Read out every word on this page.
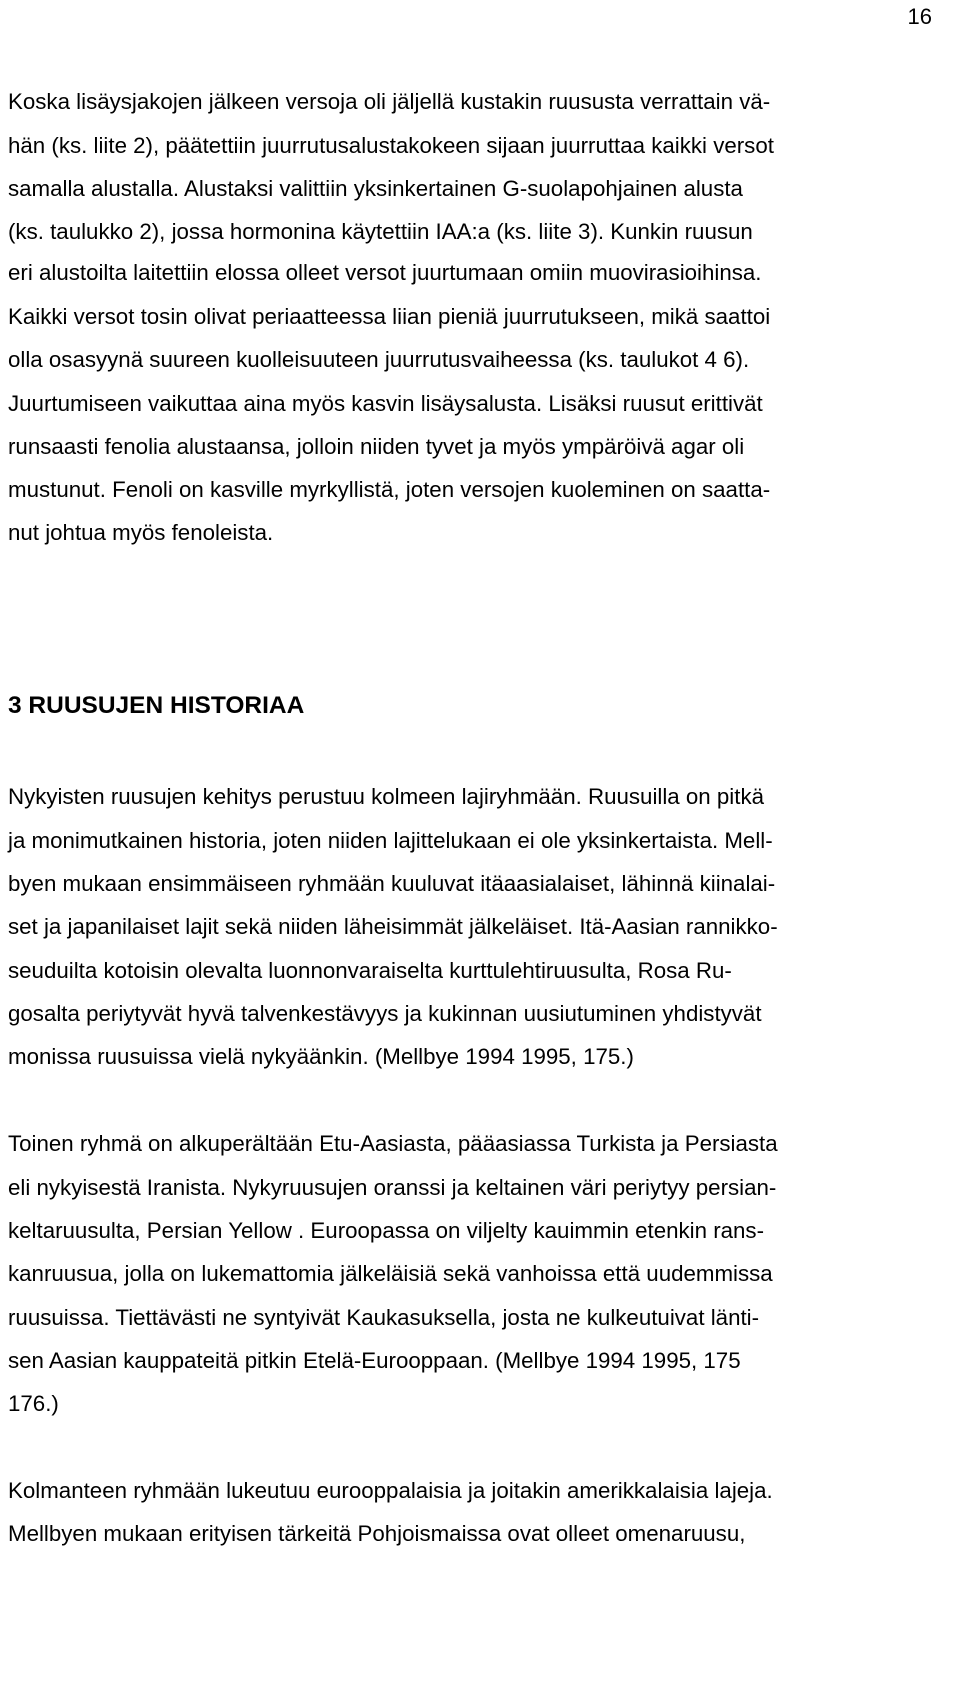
16
Koska lisäysjakojen jälkeen versoja oli jäljellä kustakin ruususta verrattain vä-
hän (ks. liite 2), päätettiin juurrutusalustakokeen sijaan juurruttaa kaikki versot
samalla alustalla. Alustaksi valittiin yksinkertainen G-suolapohjainen alusta
(ks. taulukko 2), jossa hormonina käytettiin IAA:a (ks. liite 3). Kunkin ruusun
eri alustoilta laitettiin elossa olleet versot juurtumaan omiin muovirasioihinsa.
Kaikki versot tosin olivat periaatteessa liian pieniä juurrutukseen, mikä saattoi
olla osasyynä suureen kuolleisuuteen juurrutusvaiheessa (ks. taulukot 4 6).
Juurtumiseen vaikuttaa aina myös kasvin lisäysalusta. Lisäksi ruusut erittivät
runsaasti fenolia alustaansa, jolloin niiden tyvet ja myös ympäröivä agar oli
mustunut. Fenoli on kasville myrkyllistä, joten versojen kuoleminen on saatta-
nut johtua myös fenoleista.
3 RUUSUJEN HISTORIAA
Nykyisten ruusujen kehitys perustuu kolmeen lajiryhmään. Ruusuilla on pitkä
ja monimutkainen historia, joten niiden lajittelukaan ei ole yksinkertaista. Mell-
byen mukaan ensimmäiseen ryhmään kuuluvat itäaasialaiset, lähinnä kiinalai-
set ja japanilaiset lajit sekä niiden läheisimmät jälkeläiset. Itä-Aasian rannikko-
seuduilta kotoisin olevalta luonnonvaraiselta kurttulehtiruusulta, Rosa Ru-
gosalta periytyvät hyvä talvenkestävyys ja kukinnan uusiutuminen yhdistyvät
monissa ruusuissa vielä nykyäänkin. (Mellbye 1994 1995, 175.)
Toinen ryhmä on alkuperältään Etu-Aasiasta, pääasiassa Turkista ja Persiasta
eli nykyisestä Iranista. Nykyruusujen oranssi ja keltainen väri periytyy persian-
keltaruusulta, Persian Yellow . Euroopassa on viljelty kauimmin etenkin rans-
kanruusua, jolla on lukemattomia jälkeläisiä sekä vanhoissa että uudemmissa
ruusuissa. Tiettävästi ne syntyivät Kaukasuksella, josta ne kulkeutuivat länti-
sen Aasian kauppateitä pitkin Etelä-Eurooppaan. (Mellbye 1994 1995, 175
176.)
Kolmanteen ryhmään lukeutuu eurooppalaisia ja joitakin amerikkalaisia lajeja.
Mellbyen mukaan erityisen tärkeitä Pohjoismaissa ovat olleet omenaruusu,
